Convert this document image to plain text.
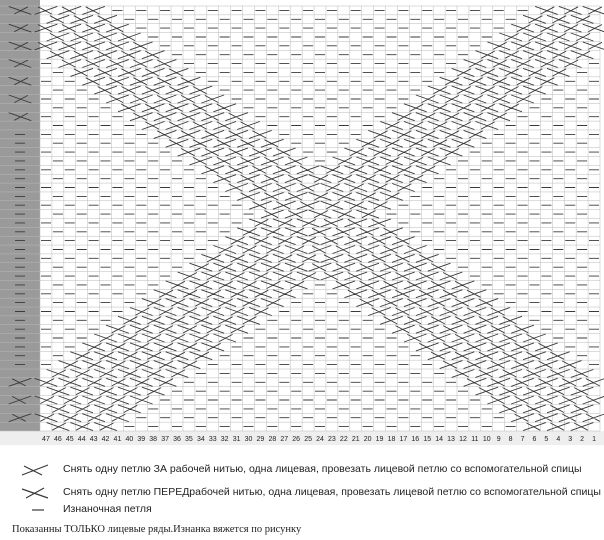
47 46 45 44 43 42 41 40 39 38 37 36 35 34 33 32 31 30 29 28 27 26 25 24 23 22 21 20 19 18 17 16 15 14 13 12 11 10 9 8 7 6 5 4 3 2 1
Снять одну петлю ЗА рабочей нитью, одна лицевая, провезать лицевой петлю со вспомогательной спицы
Снять одну петлю ПЕРЕДрабочей нитью, одна лицевая, провезать лицевой петлю со вспомогательной спицы
Изнаночная петля
Показанны ТОЛЬКО лицевые ряды.Изнанка вяжется по рисунку
